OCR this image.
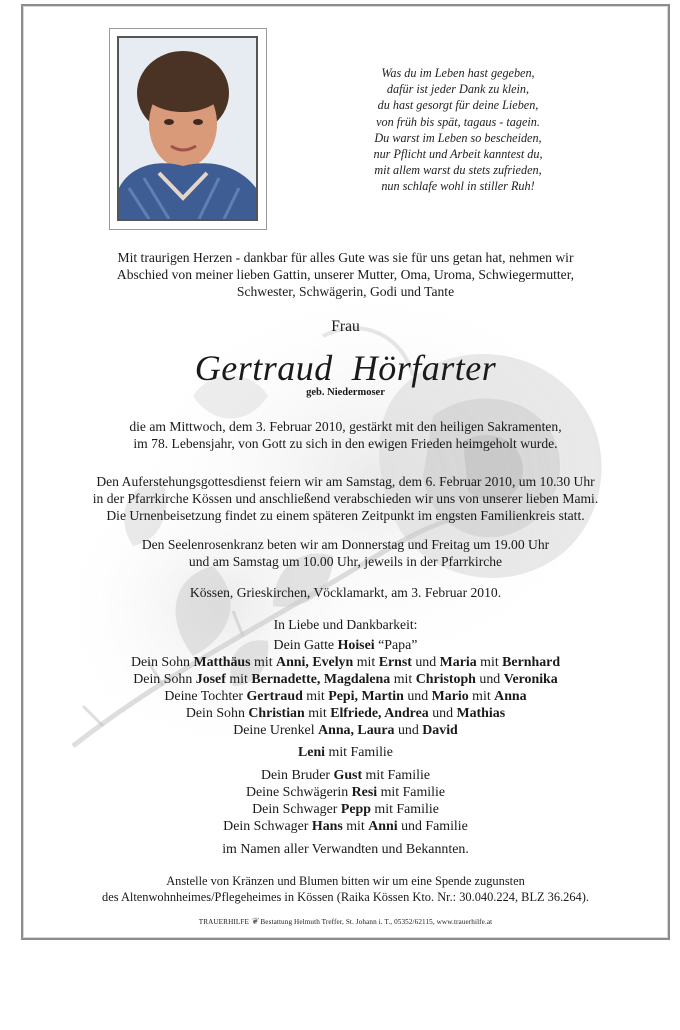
Was du im Leben hast gegeben,
dafür ist jeder Dank zu klein,
du hast gesorgt für deine Lieben,
von früh bis spät, tagaus - tagein.
Du warst im Leben so bescheiden,
nur Pflicht und Arbeit kanntest du,
mit allem warst du stets zufrieden,
nun schlafe wohl in stiller Ruh!
Mit traurigen Herzen - dankbar für alles Gute was sie für uns getan hat, nehmen wir
Abschied von meiner lieben Gattin, unserer Mutter, Oma, Uroma, Schwiegermutter,
Schwester, Schwägerin, Godi und Tante
Frau
Gertraud  Hörfarter
geb. Niedermoser
die am Mittwoch, dem 3. Februar 2010, gestärkt mit den heiligen Sakramenten,
im 78. Lebensjahr, von Gott zu sich in den ewigen Frieden heimgeholt wurde.
Den Auferstehungsgottesdienst feiern wir am Samstag, dem 6. Februar 2010, um 10.30 Uhr
in der Pfarrkirche Kössen und anschließend verabschieden wir uns von unserer lieben Mami.
Die Urnenbeisetzung findet zu einem späteren Zeitpunkt im engsten Familienkreis statt.
Den Seelenrosenkranz beten wir am Donnerstag und Freitag um 19.00 Uhr
und am Samstag um 10.00 Uhr, jeweils in der Pfarrkirche
Kössen, Grieskirchen, Vöcklamarkt, am 3. Februar 2010.
In Liebe und Dankbarkeit:
Dein Gatte Hoisei “Papa”
Dein Sohn Matthäus mit Anni, Evelyn mit Ernst und Maria mit Bernhard
Dein Sohn Josef mit Bernadette, Magdalena mit Christoph und Veronika
Deine Tochter Gertraud mit Pepi, Martin und Mario mit Anna
Dein Sohn Christian mit Elfriede, Andrea und Mathias
Deine Urenkel Anna, Laura und David
Leni mit Familie
Dein Bruder Gust mit Familie
Deine Schwägerin Resi mit Familie
Dein Schwager Pepp mit Familie
Dein Schwager Hans mit Anni und Familie
im Namen aller Verwandten und Bekannten.
Anstelle von Kränzen und Blumen bitten wir um eine Spende zugunsten
des Altenwohnheimes/Pflegeheimes in Kössen (Raika Kössen Kto. Nr.: 30.040.224, BLZ 36.264).
TRAUERHILFE ❦ Bestattung Helmuth Treffer, St. Johann i. T., 05352/62115, www.trauerhilfe.at
